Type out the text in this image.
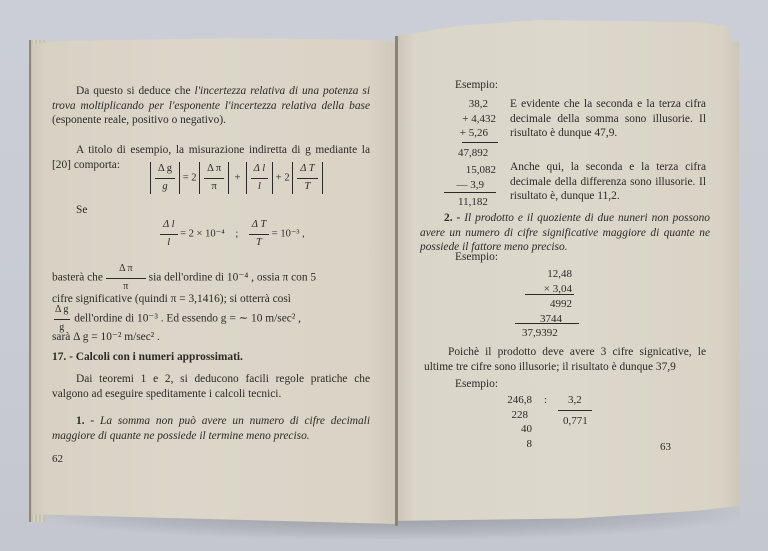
Da questo si deduce che l'incertezza relativa di una potenza si trova moltiplicando per l'esponente l'incertezza relativa della base (esponente reale, positivo o negativo).
A titolo di esempio, la misurazione indiretta di g mediante la [20] comporta:	$\frac{\text{Δ g}}{g} = 2 \frac{\text{Δ π}}{\pi} + \frac{\text{Δ l}}{l} + 2 \frac{\text{Δ T}}{T}$
Se
$\frac{\text{Δ l}}{l} = 2 \times 10^{-4}$ ; $\frac{\text{Δ T}}{T} = 10^{-3}$ ,
basterà che $\frac{\text{Δ π}}{\pi}$ sia dell'ordine di 10⁻⁴ , ossia π con 5
cifre significative (quindi π = 3,1416); si otterrà così
$\frac{\text{Δ g}}{g}$ dell'ordine di 10⁻³ . Ed essendo g = ∼ 10 m/sec² ,
sarà Δ g = 10⁻² m/sec² .
17. - Calcoli con i numeri approssimati.
Dai teoremi 1 e 2, si deducono facili regole pratiche che valgono ad eseguire speditamente i calcoli tecnici.
1. - La somma non può avere un numero di cifre decimali maggiore di quante ne possiede il termine meno preciso.
62
Esempio:
38,2
+ 4,432
+ 5,26
47,892
E evidente che la seconda e la terza cifra decimale della somma sono illusorie. Il risultato è dunque 47,9.
15,082
— 3,9
11,182
Anche qui, la seconda e la terza cifra decimale della differenza sono illusorie. Il risultato è, dunque 11,2.
2. - Il prodotto e il quoziente di due nuneri non possono avere un numero di cifre significative maggiore di quante ne possiede il fattore meno preciso.
Esempio:
12,48
× 3,04
4992
3744
37,9392
Poichè il prodotto deve avere 3 cifre signicative, le ultime tre cifre sono illusorie; il risultato è dunque 37,9
Esempio:
246,8
228
40
8
: 3,2
0,771
63
